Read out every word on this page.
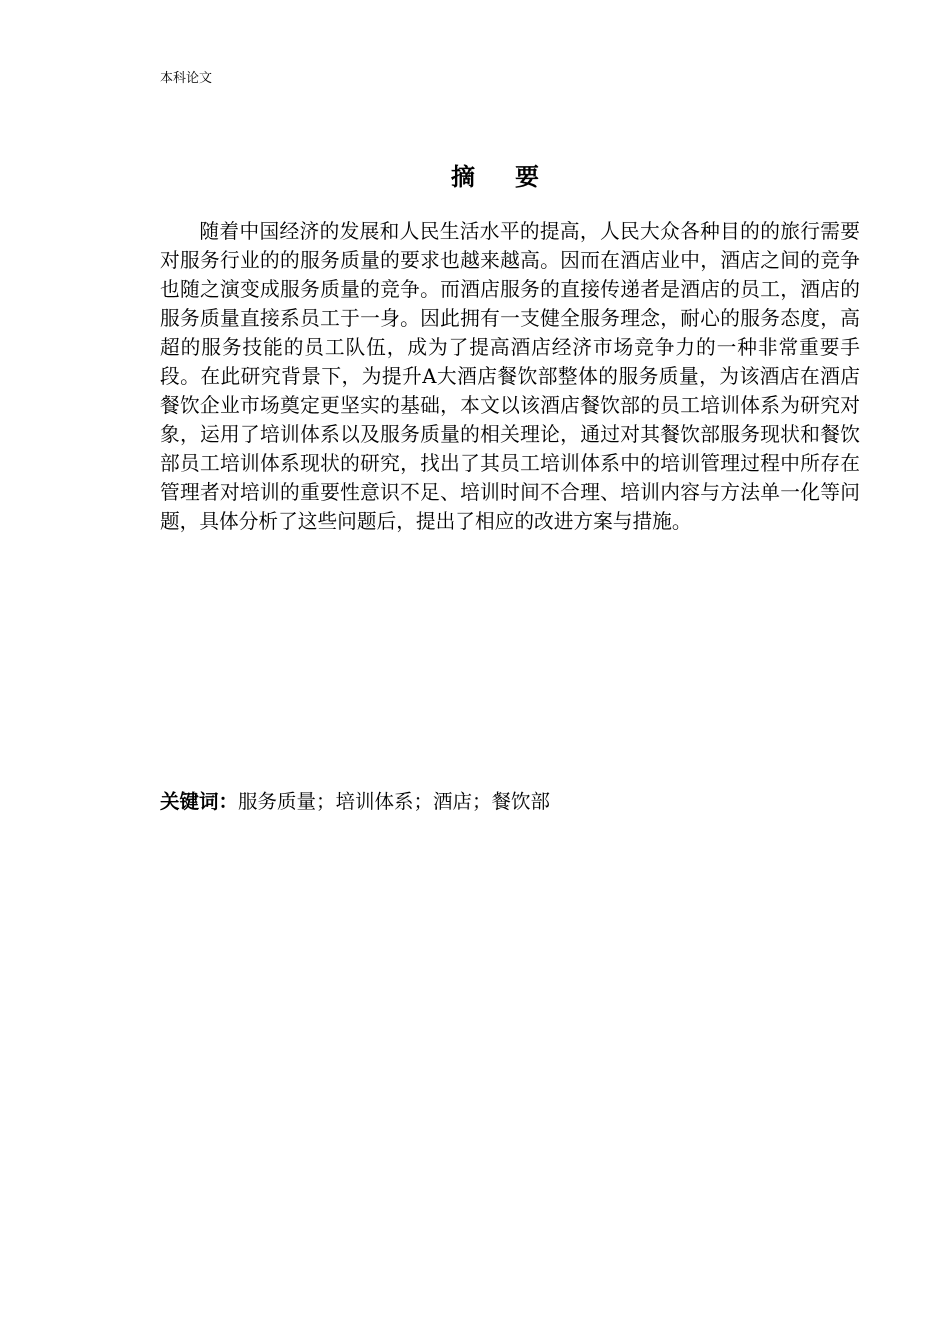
本科论文
摘要

随着中国经济的发展和人民生活水平的提高，人民大众各种目的的旅行需要对服务行业的的服务质量的要求也越来越高。因而在酒店业中，酒店之间的竞争也随之演变成服务质量的竞争。而酒店服务的直接传递者是酒店的员工，酒店的服务质量直接系员工于一身。因此拥有一支健全服务理念，耐心的服务态度，高超的服务技能的员工队伍，成为了提高酒店经济市场竞争力的一种非常重要手段。在此研究背景下，为提升A大酒店餐饮部整体的服务质量，为该酒店在酒店餐饮企业市场奠定更坚实的基础，本文以该酒店餐饮部的员工培训体系为研究对象，运用了培训体系以及服务质量的相关理论，通过对其餐饮部服务现状和餐饮部员工培训体系现状的研究，找出了其员工培训体系中的培训管理过程中所存在管理者对培训的重要性意识不足、培训时间不合理、培训内容与方法单一化等问题，具体分析了这些问题后，提出了相应的改进方案与措施。

关键词：服务质量；培训体系；酒店；餐饮部
